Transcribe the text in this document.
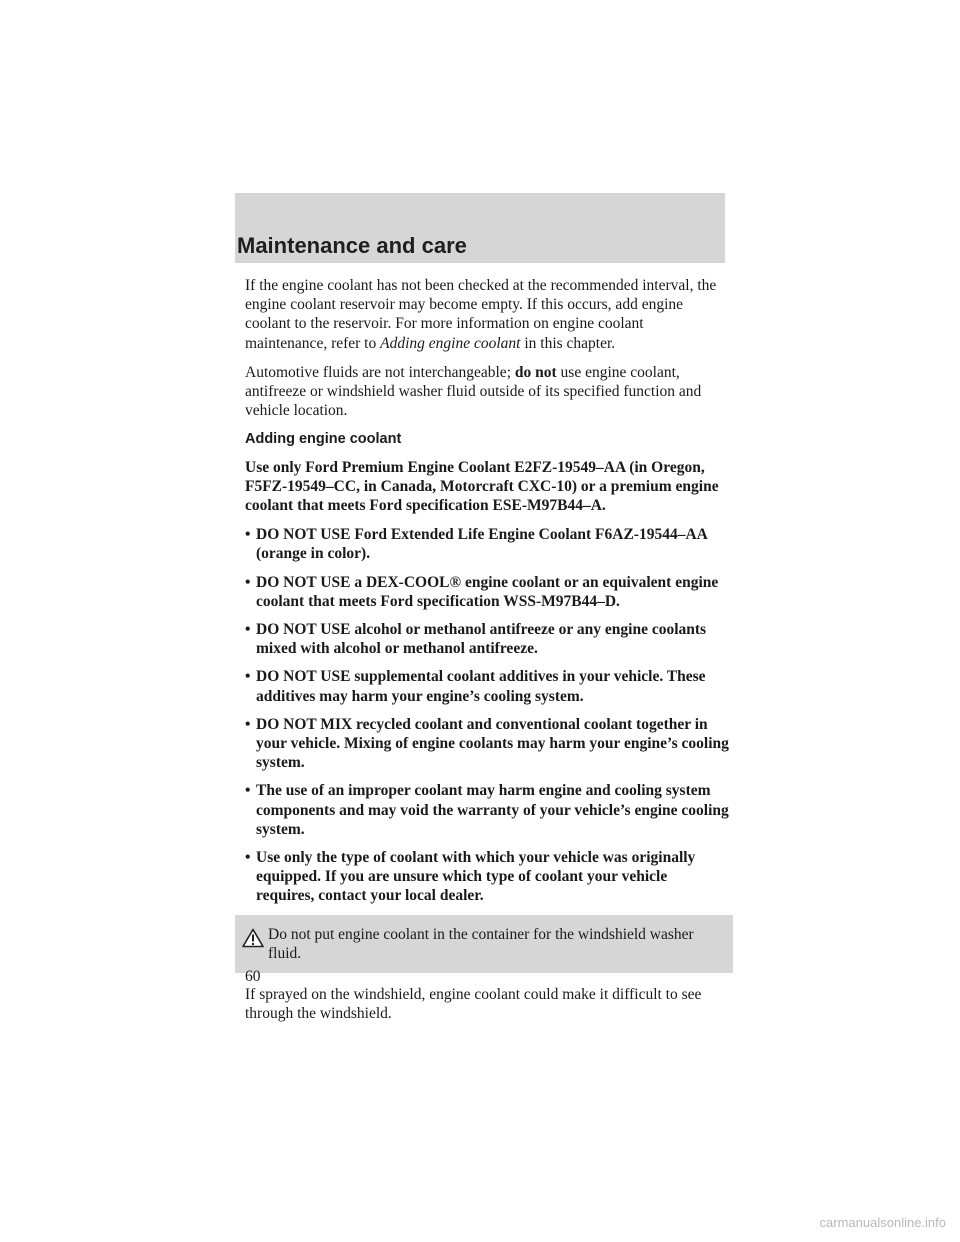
Maintenance and care

If the engine coolant has not been checked at the recommended interval, the engine coolant reservoir may become empty. If this occurs, add engine coolant to the reservoir. For more information on engine coolant maintenance, refer to Adding engine coolant in this chapter.

Automotive fluids are not interchangeable; do not use engine coolant, antifreeze or windshield washer fluid outside of its specified function and vehicle location.

Adding engine coolant

Use only Ford Premium Engine Coolant E2FZ-19549–AA (in Oregon, F5FZ-19549–CC, in Canada, Motorcraft CXC-10) or a premium engine coolant that meets Ford specification ESE-M97B44–A.

• DO NOT USE Ford Extended Life Engine Coolant F6AZ-19544–AA (orange in color).
• DO NOT USE a DEX-COOL® engine coolant or an equivalent engine coolant that meets Ford specification WSS-M97B44–D.
• DO NOT USE alcohol or methanol antifreeze or any engine coolants mixed with alcohol or methanol antifreeze.
• DO NOT USE supplemental coolant additives in your vehicle. These additives may harm your engine’s cooling system.
• DO NOT MIX recycled coolant and conventional coolant together in your vehicle. Mixing of engine coolants may harm your engine’s cooling system.
• The use of an improper coolant may harm engine and cooling system components and may void the warranty of your vehicle’s engine cooling system.
• Use only the type of coolant with which your vehicle was originally equipped. If you are unsure which type of coolant your vehicle requires, contact your local dealer.
Do not put engine coolant in the container for the windshield washer fluid.

If sprayed on the windshield, engine coolant could make it difficult to see through the windshield.

60
carmanualsonline.info
